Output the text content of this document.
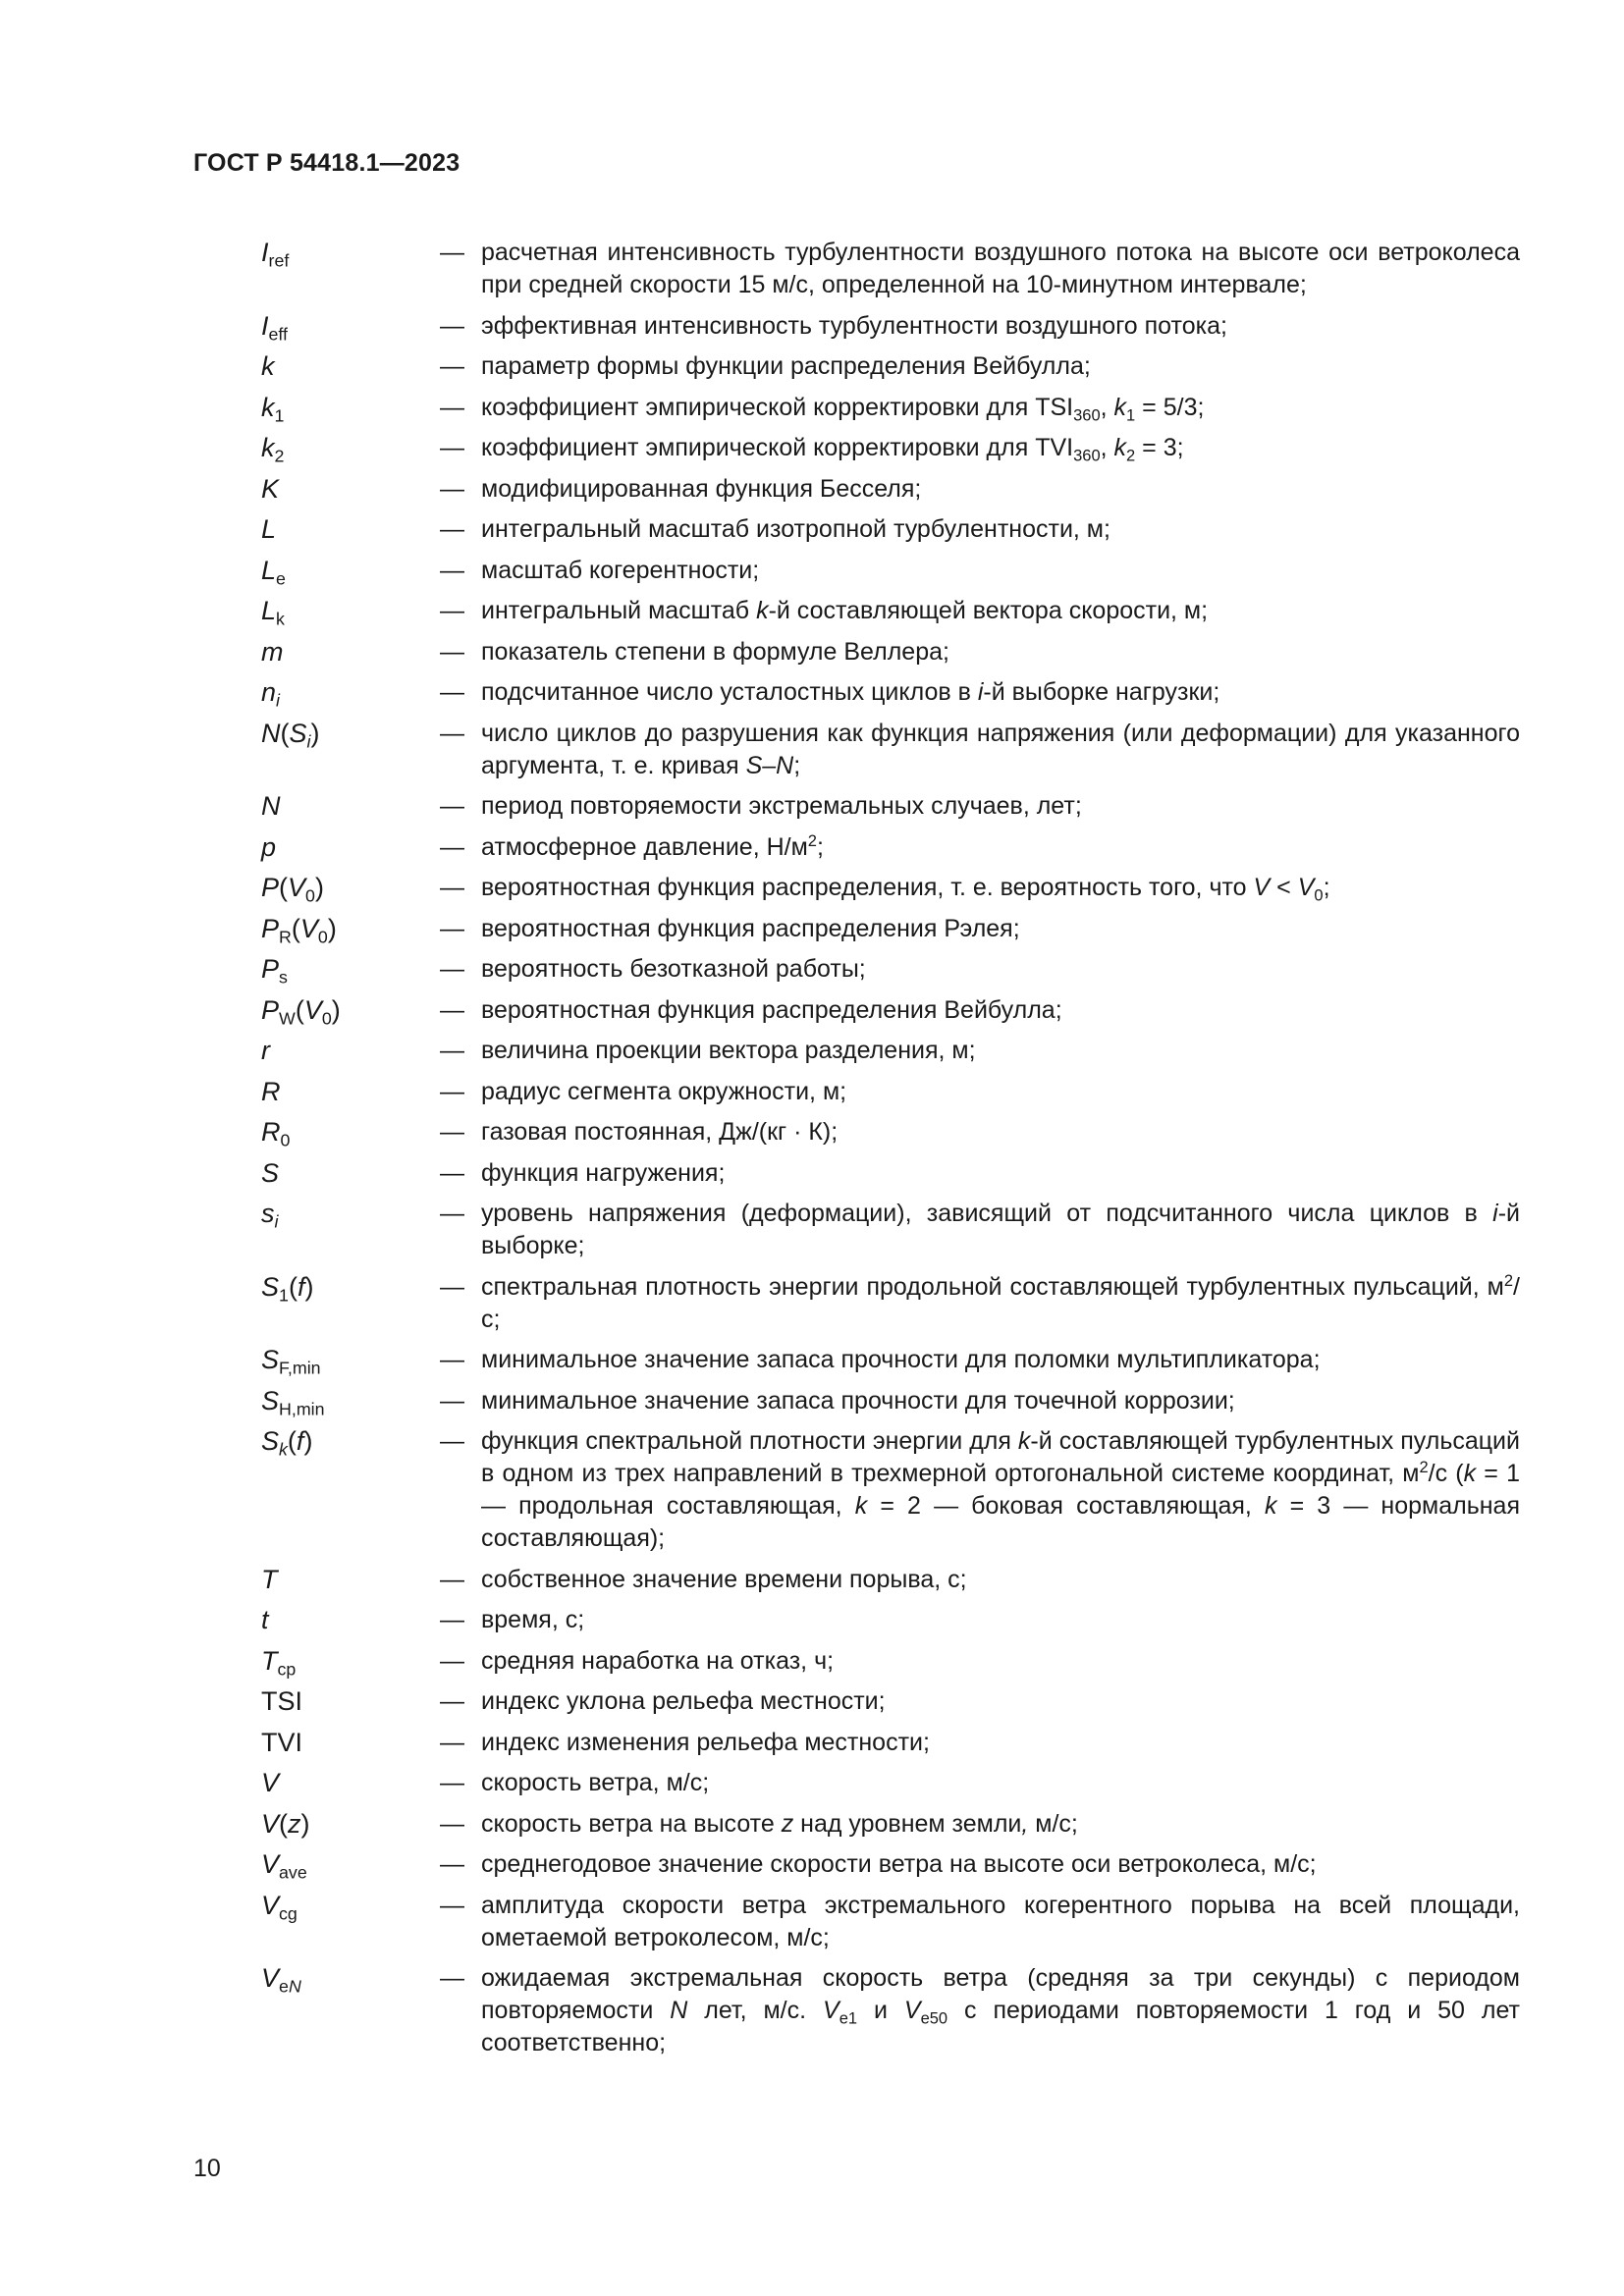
ГОСТ Р 54418.1—2023
$I_{ref}$	— расчетная интенсивность турбулентности воздушного потока на высоте оси ветроколеса при средней скорости 15 м/с, определенной на 10-минутном интервале;
$I_{eff}$	— эффективная интенсивность турбулентности воздушного потока;
k	— параметр формы функции распределения Вейбулла;
$k_1$	— коэффициент эмпирической корректировки для $TSI_{360}$, $k_1 = 5/3$;
$k_2$	— коэффициент эмпирической корректировки для $TVI_{360}$, $k_2 = 3$;
K	— модифицированная функция Бесселя;
L	— интегральный масштаб изотропной турбулентности, м;
$L_e$	— масштаб когерентности;
$L_k$	— интегральный масштаб k-й составляющей вектора скорости, м;
m	— показатель степени в формуле Веллера;
$n_i$	— подсчитанное число усталостных циклов в i-й выборке нагрузки;
$N(S_i)$	— число циклов до разрушения как функция напряжения (или деформации) для указанного аргумента, т. е. кривая S–N;
N	— период повторяемости экстремальных случаев, лет;
p	— атмосферное давление, $Н/м^2$;
$P(V_0)$	— вероятностная функция распределения, т. е. вероятность того, что $V < V_0$;
$P_R(V_0)$	— вероятностная функция распределения Рэлея;
$P_s$	— вероятность безотказной работы;
$P_W(V_0)$	— вероятностная функция распределения Вейбулла;
r	— величина проекции вектора разделения, м;
R	— радиус сегмента окружности, м;
$R_0$	— газовая постоянная, Дж/(кг · К);
S	— функция нагружения;
$s_i$	— уровень напряжения (деформации), зависящий от подсчитанного числа циклов в i-й выборке;
$S_1(f)$	— спектральная плотность энергии продольной составляющей турбулентных пульсаций, $м^2/с$;
$S_{F,min}$	— минимальное значение запаса прочности для поломки мультипликатора;
$S_{H,min}$	— минимальное значение запаса прочности для точечной коррозии;
$S_k(f)$	— функция спектральной плотности энергии для k-й составляющей турбулентных пульсаций в одном из трех направлений в трехмерной ортогональной системе координат, $м^2/с$ (k = 1 — продольная составляющая, k = 2 — боковая составляющая, k = 3 — нормальная составляющая);
T	— собственное значение времени порыва, с;
t	— время, с;
$T_{ср}$	— средняя наработка на отказ, ч;
TSI	— индекс уклона рельефа местности;
TVI	— индекс изменения рельефа местности;
V	— скорость ветра, м/с;
V(z)	— скорость ветра на высоте z над уровнем земли, м/с;
$V_{ave}$	— среднегодовое значение скорости ветра на высоте оси ветроколеса, м/с;
$V_{cg}$	— амплитуда скорости ветра экстремального когерентного порыва на всей площади, ометаемой ветроколесом, м/с;
$V_{eN}$	— ожидаемая экстремальная скорость ветра (средняя за три секунды) с периодом повторяемости N лет, м/с. $V_{e1}$ и $V_{e50}$ с периодами повторяемости 1 год и 50 лет соответственно;
10
